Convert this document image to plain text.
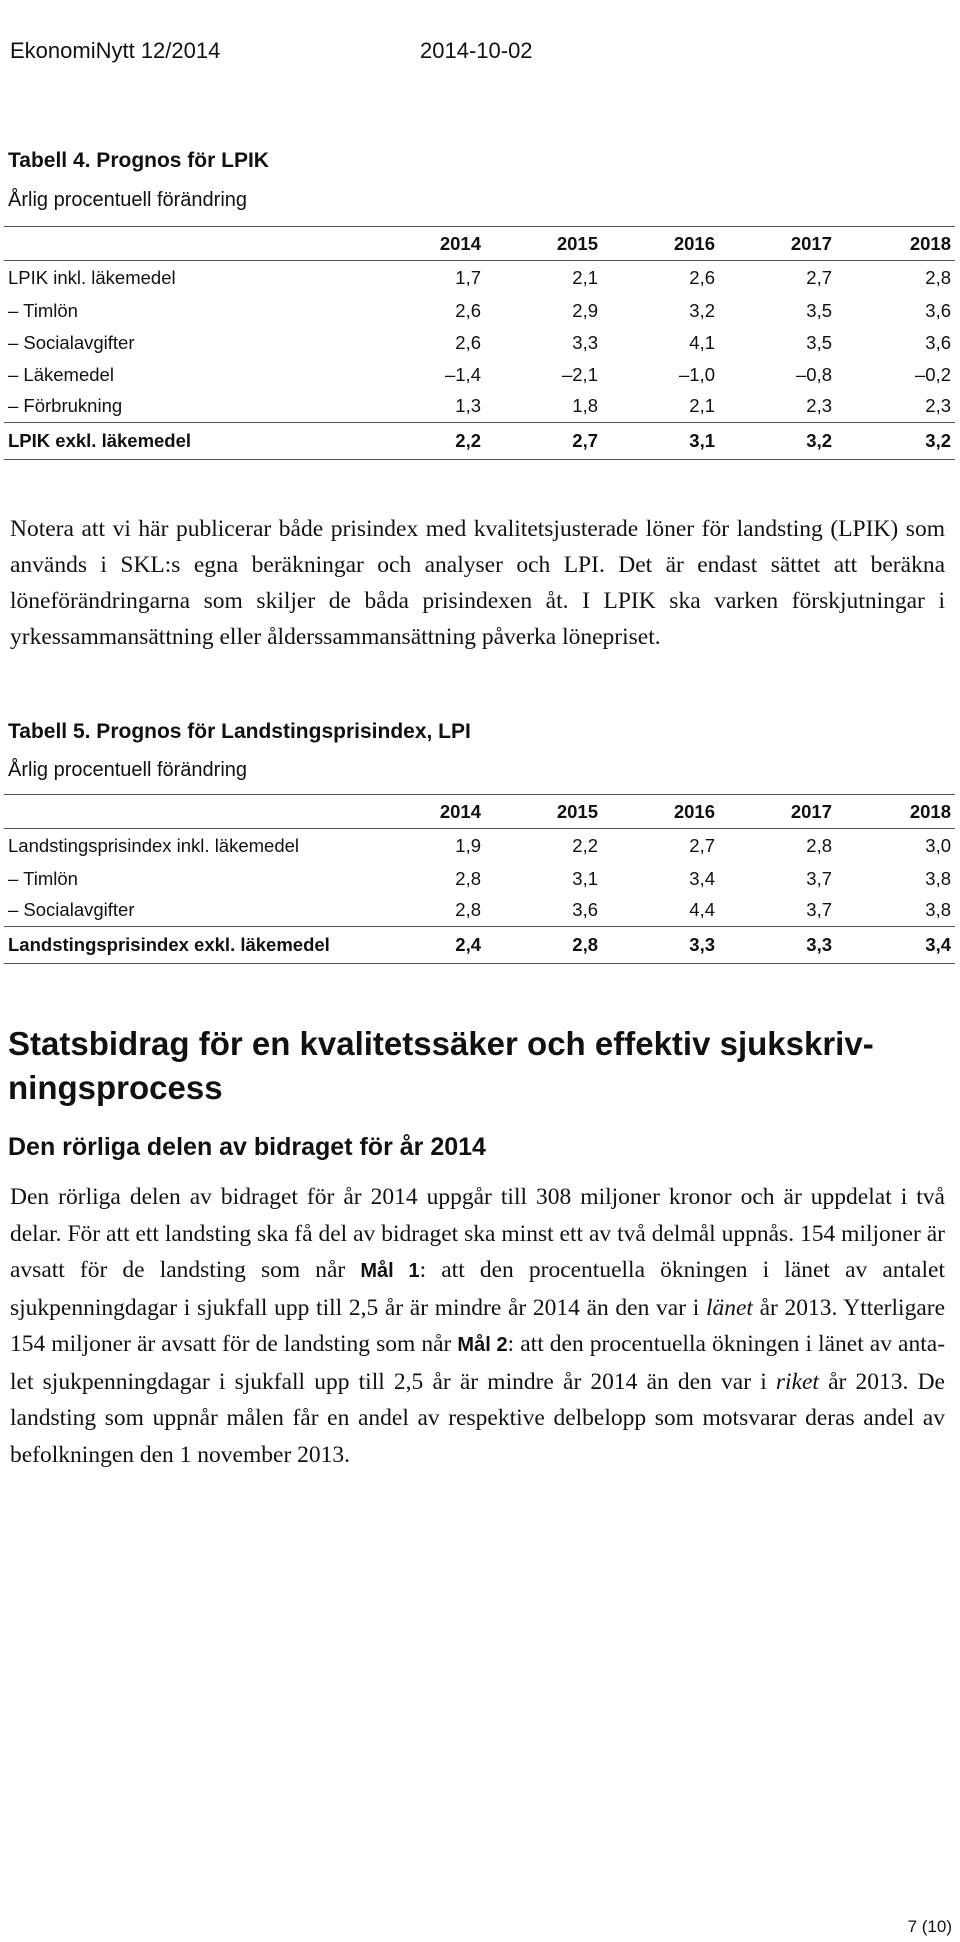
EkonomiNytt 12/2014	2014-10-02
Tabell 4. Prognos för LPIK
Årlig procentuell förändring
	2014	2015	2016	2017	2018
LPIK inkl. läkemedel	1,7	2,1	2,6	2,7	2,8
– Timlön	2,6	2,9	3,2	3,5	3,6
– Socialavgifter	2,6	3,3	4,1	3,5	3,6
– Läkemedel	–1,4	–2,1	–1,0	–0,8	–0,2
– Förbrukning	1,3	1,8	2,1	2,3	2,3
LPIK exkl. läkemedel	2,2	2,7	3,1	3,2	3,2
Notera att vi här publicerar både prisindex med kvalitetsjusterade löner för landsting (LPIK) som används i SKL:s egna beräkningar och analyser och LPI. Det är endast sättet att beräkna löneförändringarna som skiljer de båda prisindexen åt. I LPIK ska varken förskjutningar i yrkessammansättning eller ålderssammansättning påverka lönepriset.
Tabell 5. Prognos för Landstingsprisindex, LPI
Årlig procentuell förändring
	2014	2015	2016	2017	2018
Landstingsprisindex inkl. läkemedel	1,9	2,2	2,7	2,8	3,0
– Timlön	2,8	3,1	3,4	3,7	3,8
– Socialavgifter	2,8	3,6	4,4	3,7	3,8
Landstingsprisindex exkl. läkemedel	2,4	2,8	3,3	3,3	3,4
Statsbidrag för en kvalitetssäker och effektiv sjukskrivningsprocess
Den rörliga delen av bidraget för år 2014
Den rörliga delen av bidraget för år 2014 uppgår till 308 miljoner kronor och är uppdelat i två delar. För att ett landsting ska få del av bidraget ska minst ett av två delmål uppnås. 154 miljoner är avsatt för de landsting som når Mål 1: att den procentuella ökningen i länet av antalet sjukpenningdagar i sjukfall upp till 2,5 år är mindre år 2014 än den var i länet år 2013. Ytterligare 154 miljoner är avsatt för de landsting som når Mål 2: att den procentuella ökningen i länet av antalet sjukpenningdagar i sjukfall upp till 2,5 år är mindre år 2014 än den var i riket år 2013. De landsting som uppnår målen får en andel av respektive delbelopp som motsvarar deras andel av befolkningen den 1 november 2013.
7 (10)
